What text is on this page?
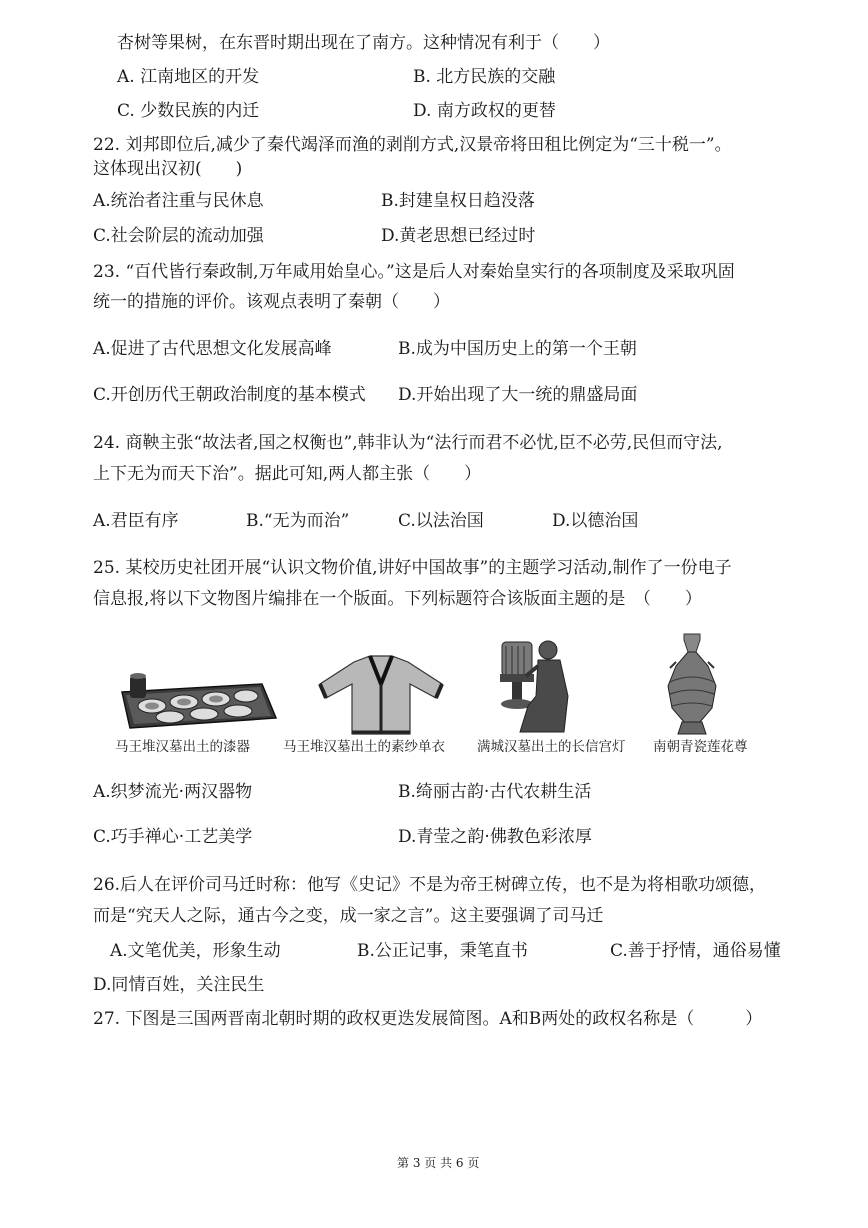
杏树等果树，在东晋时期出现在了南方。这种情况有利于（　　）
A. 江南地区的开发	B. 北方民族的交融
C. 少数民族的内迁	D. 南方政权的更替
22. 刘邦即位后,减少了秦代竭泽而渔的剥削方式,汉景帝将田租比例定为“三十税一”。
这体现出汉初(　　)
A.统治者注重与民休息	B.封建皇权日趋没落
C.社会阶层的流动加强	D.黄老思想已经过时
23. “百代皆行秦政制,万年咸用始皇心。”这是后人对秦始皇实行的各项制度及采取巩固
统一的措施的评价。该观点表明了秦朝（　　）
A.促进了古代思想文化发展高峰	B.成为中国历史上的第一个王朝
C.开创历代王朝政治制度的基本模式 D.开始出现了大一统的鼎盛局面
24. 商鞅主张“故法者,国之权衡也”,韩非认为“法行而君不必忧,臣不必劳,民但而守法,
上下无为而天下治”。据此可知,两人都主张（　　）
A.君臣有序	B.“无为而治”	C.以法治国	D.以德治国
25. 某校历史社团开展“认识文物价值,讲好中国故事”的主题学习活动,制作了一份电子
信息报,将以下文物图片编排在一个版面。下列标题符合该版面主题的是　（　　）
马王堆汉墓出土的漆器 马王堆汉墓出土的素纱单衣 满城汉墓出土的长信宫灯 南朝青瓷莲花尊
A.织梦流光·两汉器物	B.绮丽古韵·古代农耕生活
C.巧手禅心·工艺美学	D.青莹之韵·佛教色彩浓厚
26.后人在评价司马迁时称：他写《史记》不是为帝王树碑立传，也不是为将相歌功颂德，
而是“究天人之际，通古今之变，成一家之言”。这主要强调了司马迁
A.文笔优美，形象生动	B.公正记事，秉笔直书	C.善于抒情，通俗易懂
D.同情百姓，关注民生
27. 下图是三国两晋南北朝时期的政权更迭发展简图。A和B两处的政权名称是（　　　）
第 3 页 共 6 页
